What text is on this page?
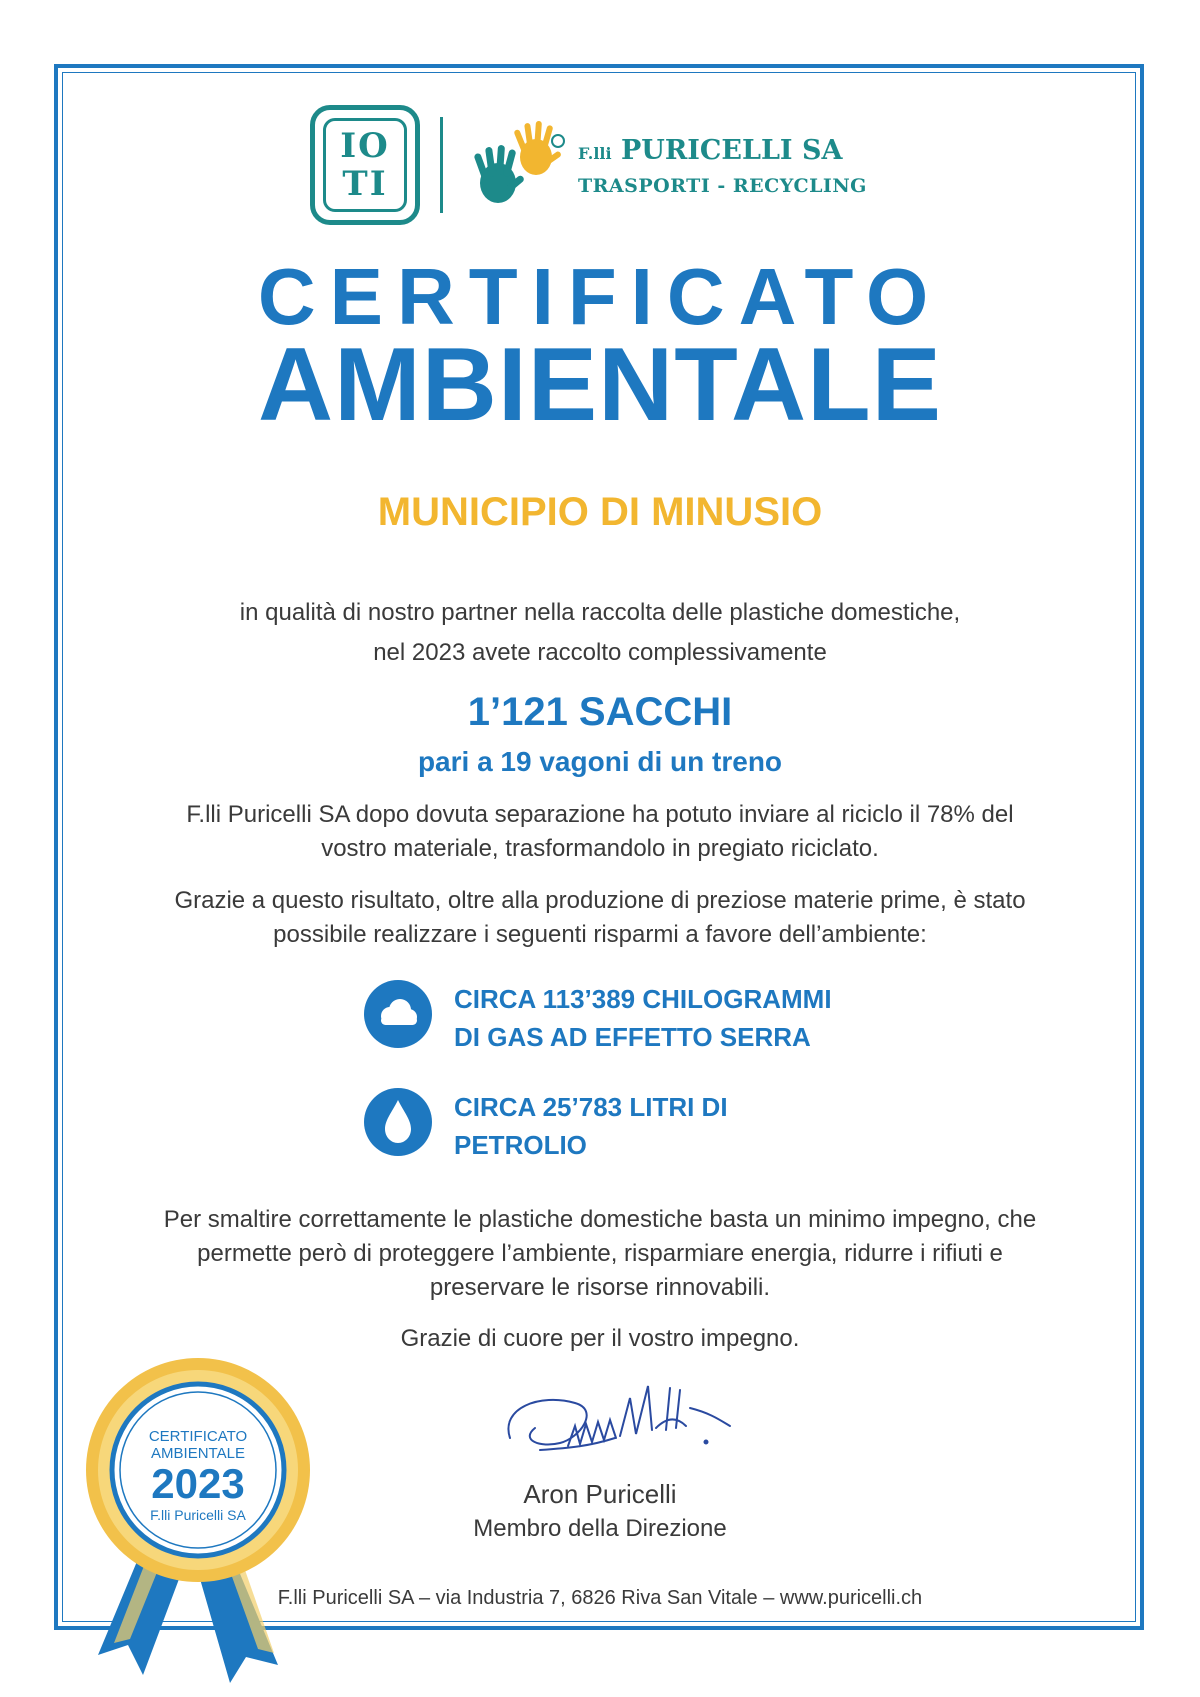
IO
TI
F.lli PURICELLI SA
TRASPORTI - RECYCLING
CERTIFICATO
AMBIENTALE
MUNICIPIO DI MINUSIO
in qualità di nostro partner nella raccolta delle plastiche domestiche,
nel 2023 avete raccolto complessivamente
1’121 SACCHI
pari a 19 vagoni di un treno
F.lli Puricelli SA dopo dovuta separazione ha potuto inviare al riciclo il 78% del
vostro materiale, trasformandolo in pregiato riciclato.
Grazie a questo risultato, oltre alla produzione di preziose materie prime, è stato
possibile realizzare i seguenti risparmi a favore dell’ambiente:
CIRCA 113’389 CHILOGRAMMI
DI GAS AD EFFETTO SERRA
CIRCA 25’783 LITRI DI
PETROLIO
Per smaltire correttamente le plastiche domestiche basta un minimo impegno, che
permette però di proteggere l’ambiente, risparmiare energia, ridurre i rifiuti e
preservare le risorse rinnovabili.
Grazie di cuore per il vostro impegno.
Aron Puricelli
Membro della Direzione
F.lli Puricelli SA – via Industria 7, 6826 Riva San Vitale – www.puricelli.ch
CERTIFICATO
AMBIENTALE
2023
F.lli Puricelli SA
